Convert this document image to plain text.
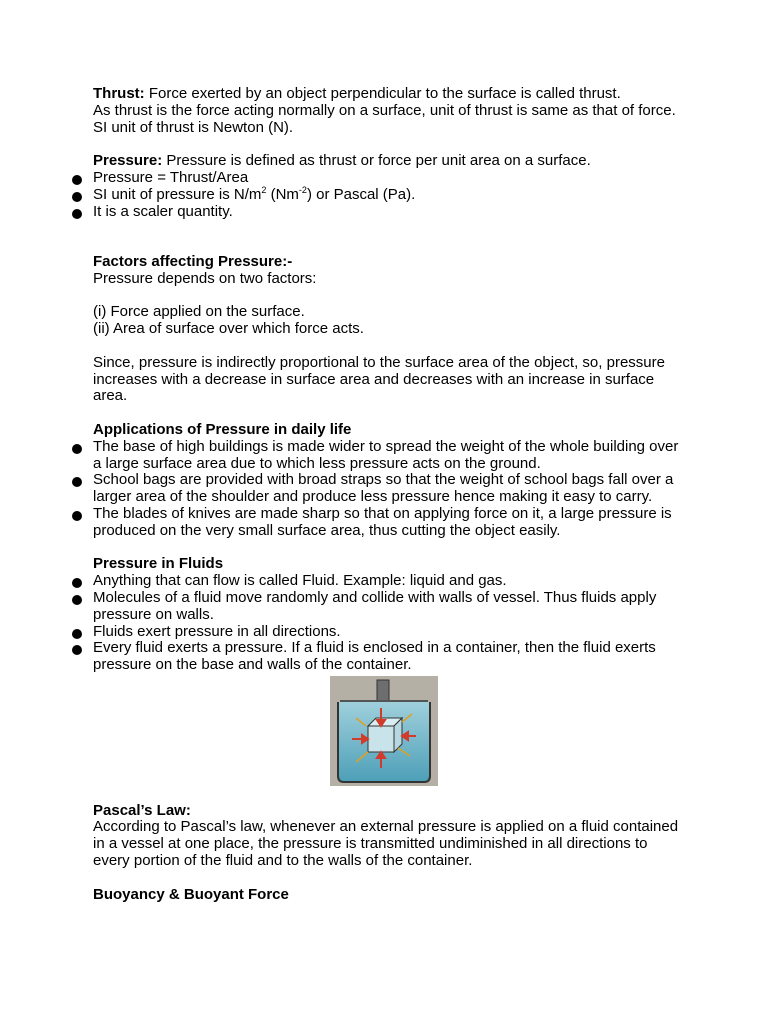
Thrust: Force exerted by an object perpendicular to the surface is called thrust.
As thrust is the force acting normally on a surface, unit of thrust is same as that of force.
SI unit of thrust is Newton (N).
Pressure: Pressure is defined as thrust or force per unit area on a surface.
Pressure = Thrust/Area
SI unit of pressure is $N/m^2$ $(Nm^{-2})$ or Pascal (Pa).
It is a scaler quantity.
Factors affecting Pressure:-
Pressure depends on two factors:
(i) Force applied on the surface.
(ii) Area of surface over which force acts.
Since, pressure is indirectly proportional to the surface area of the object, so, pressure increases with a decrease in surface area and decreases with an increase in surface area.
Applications of Pressure in daily life
The base of high buildings is made wider to spread the weight of the whole building over a large surface area due to which less pressure acts on the ground.
School bags are provided with broad straps so that the weight of school bags fall over a larger area of the shoulder and produce less pressure hence making it easy to carry.
The blades of knives are made sharp so that on applying force on it, a large pressure is produced on the very small surface area, thus cutting the object easily.
Pressure in Fluids
Anything that can flow is called Fluid. Example: liquid and gas.
Molecules of a fluid move randomly and collide with walls of vessel. Thus fluids apply pressure on walls.
Fluids exert pressure in all directions.
Every fluid exerts a pressure. If a fluid is enclosed in a container, then the fluid exerts pressure on the base and walls of the container.
Pascal’s Law:
According to Pascal’s law, whenever an external pressure is applied on a fluid contained in a vessel at one place, the pressure is transmitted undiminished in all directions to every portion of the fluid and to the walls of the container.
Buoyancy & Buoyant Force
